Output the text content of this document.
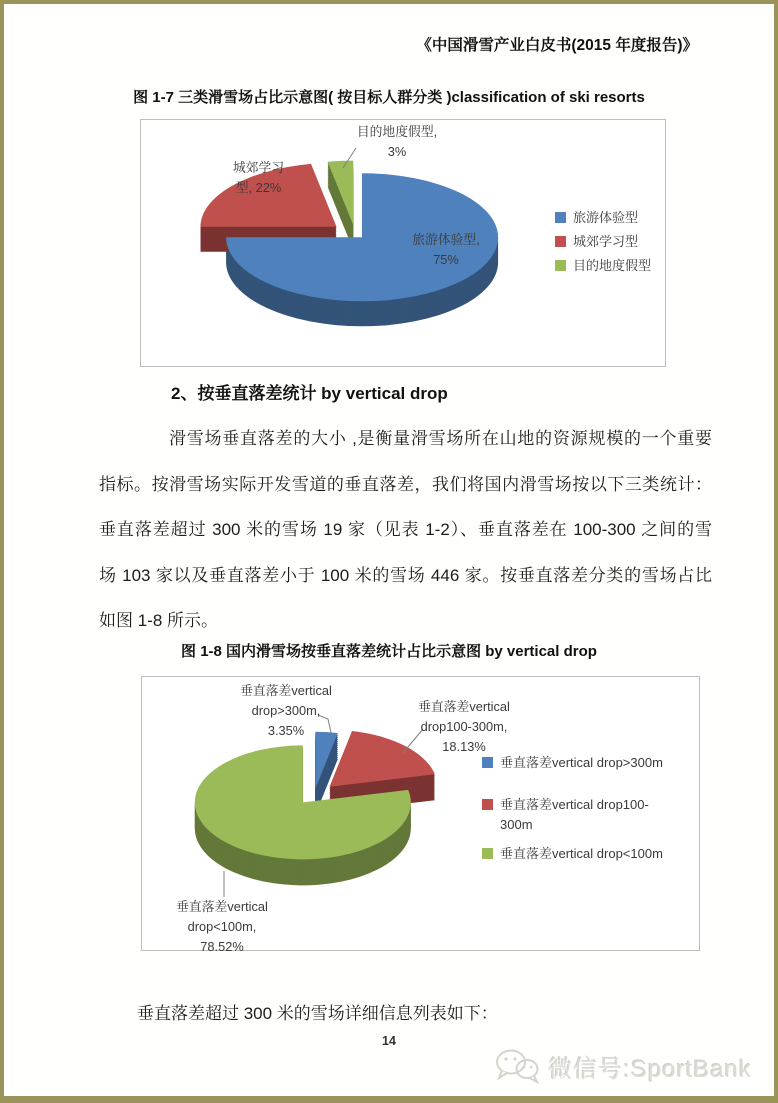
《中国滑雪产业白皮书(2015 年度报告)》
图 1-7 三类滑雪场占比示意图( 按目标人群分类 )classification of ski resorts
目的地度假型,
3%
城郊学习
型, 22%
旅游体验型,
75%
旅游体验型
城郊学习型
目的地度假型
2、按垂直落差统计 by vertical drop
滑雪场垂直落差的大小 ,是衡量滑雪场所在山地的资源规模的一个重要
指标。按滑雪场实际开发雪道的垂直落差，我们将国内滑雪场按以下三类统计：
垂直落差超过 300 米的雪场 19 家（见表 1-2）、垂直落差在 100-300 之间的雪
场 103 家以及垂直落差小于 100 米的雪场 446 家。按垂直落差分类的雪场占比
如图 1-8 所示。
图 1-8 国内滑雪场按垂直落差统计占比示意图 by vertical drop
垂直落差vertical
drop>300m,
3.35%
垂直落差vertical
drop100-300m,
18.13%
垂直落差vertical
drop<100m,
78.52%
垂直落差vertical drop>300m
垂直落差vertical drop100-300m
垂直落差vertical drop<100m
垂直落差超过 300 米的雪场详细信息列表如下：
14
微信号:SportBank
